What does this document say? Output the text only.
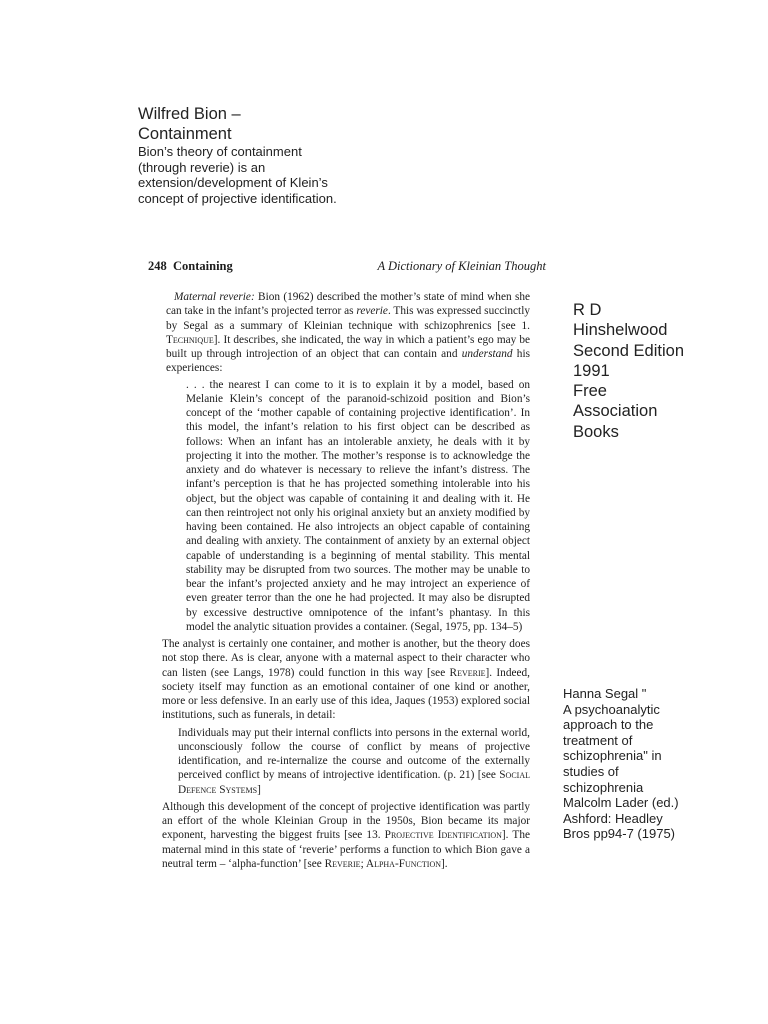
Wilfred Bion –
Containment
Bion’s theory of containment
(through reverie) is an
extension/development of Klein’s
concept of projective identification.
248 Containing	A Dictionary of Kleinian Thought
R D
Hinshelwood
Second Edition
1991
Free
Association
Books
Hanna Segal "
A psychoanalytic
approach to the
treatment of
schizophrenia" in
studies of
schizophrenia
Malcolm Lader (ed.)
Ashford: Headley
Bros pp94-7 (1975)

Maternal reverie: Bion (1962) described the mother’s state of mind when she can take in the infant’s projected terror as reverie. This was expressed succinctly by Segal as a summary of Kleinian technique with schizophrenics [see 1. Technique]. It describes, she indicated, the way in which a patient’s ego may be built up through introjection of an object that can contain and understand his experiences:

. . . the nearest I can come to it is to explain it by a model, based on Melanie Klein’s concept of the paranoid-schizoid position and Bion’s concept of the ‘mother capable of containing projective identification’. In this model, the infant’s relation to his first object can be described as follows: When an infant has an intolerable anxiety, he deals with it by projecting it into the mother. The mother’s response is to acknowledge the anxiety and do whatever is necessary to relieve the infant’s distress. The infant’s perception is that he has projected something intolerable into his object, but the object was capable of containing it and dealing with it. He can then reintroject not only his original anxiety but an anxiety modified by having been contained. He also introjects an object capable of containing and dealing with anxiety. The containment of anxiety by an external object capable of understanding is a beginning of mental stability. This mental stability may be disrupted from two sources. The mother may be unable to bear the infant’s projected anxiety and he may introject an experience of even greater terror than the one he had projected. It may also be disrupted by excessive destructive omnipotence of the infant’s phantasy. In this model the analytic situation provides a container. (Segal, 1975, pp. 134–5)

The analyst is certainly one container, and mother is another, but the theory does not stop there. As is clear, anyone with a maternal aspect to their character who can listen (see Langs, 1978) could function in this way [see Reverie]. Indeed, society itself may function as an emotional container of one kind or another, more or less defensive. In an early use of this idea, Jaques (1953) explored social institutions, such as funerals, in detail:

Individuals may put their internal conflicts into persons in the external world, unconsciously follow the course of conflict by means of projective identification, and re-internalize the course and outcome of the externally perceived conflict by means of introjective identification. (p. 21) [see Social Defence Systems]

Although this development of the concept of projective identification was partly an effort of the whole Kleinian Group in the 1950s, Bion became its major exponent, harvesting the biggest fruits [see 13. Projective Identification]. The maternal mind in this state of ‘reverie’ performs a function to which Bion gave a neutral term – ‘alpha-function’ [see Reverie; Alpha-Function].
